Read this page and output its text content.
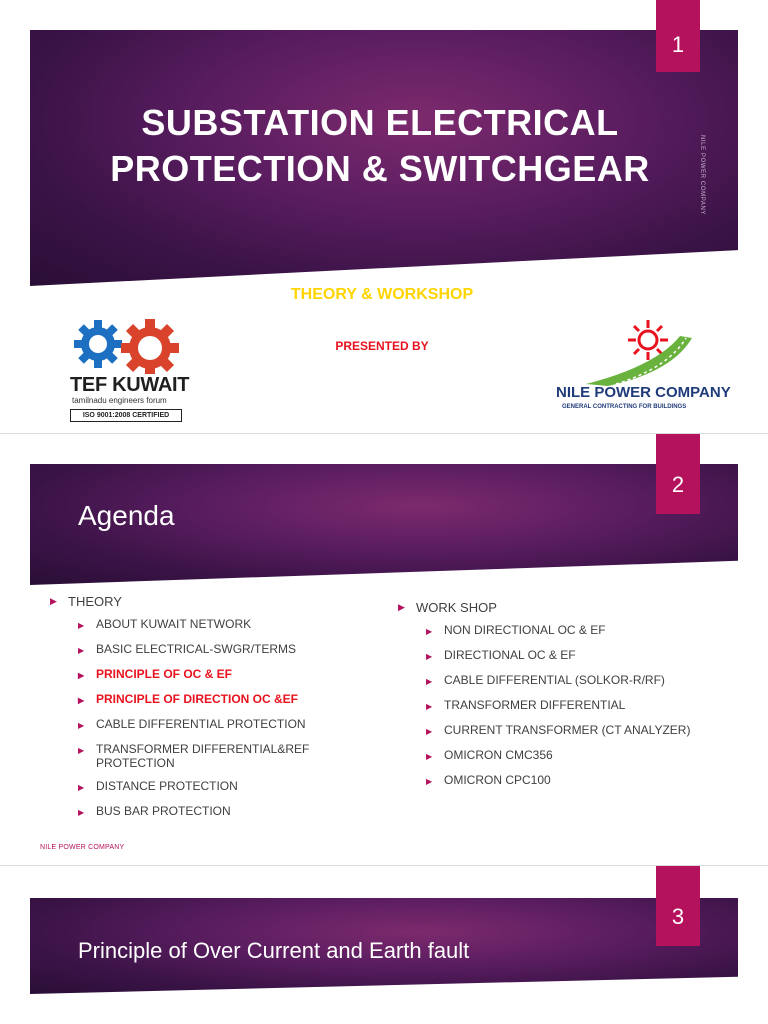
1
SUBSTATION ELECTRICAL
PROTECTION & SWITCHGEAR	NILE POWER COMPANY
THEORY & WORKSHOP
PRESENTED BY
TEF KUWAIT
tamilnadu engineers forum
ISO 9001:2008 CERTIFIED
NILE POWER COMPANY
GENERAL CONTRACTING FOR BUILDINGS
2
Agenda
▶ THEORY
▶ ABOUT KUWAIT NETWORK
▶ BASIC ELECTRICAL-SWGR/TERMS
▶ PRINCIPLE OF OC & EF
▶ PRINCIPLE OF DIRECTION OC &EF
▶ CABLE DIFFERENTIAL PROTECTION
▶ TRANSFORMER DIFFERENTIAL&REF PROTECTION
▶ DISTANCE PROTECTION
▶ BUS BAR PROTECTION
▶ WORK SHOP
▶ NON DIRECTIONAL OC & EF
▶ DIRECTIONAL OC & EF
▶ CABLE DIFFERENTIAL (SOLKOR-R/RF)
▶ TRANSFORMER DIFFERENTIAL
▶ CURRENT TRANSFORMER (CT ANALYZER)
▶ OMICRON CMC356
▶ OMICRON CPC100
NILE POWER COMPANY
3
Principle of Over Current and Earth fault
